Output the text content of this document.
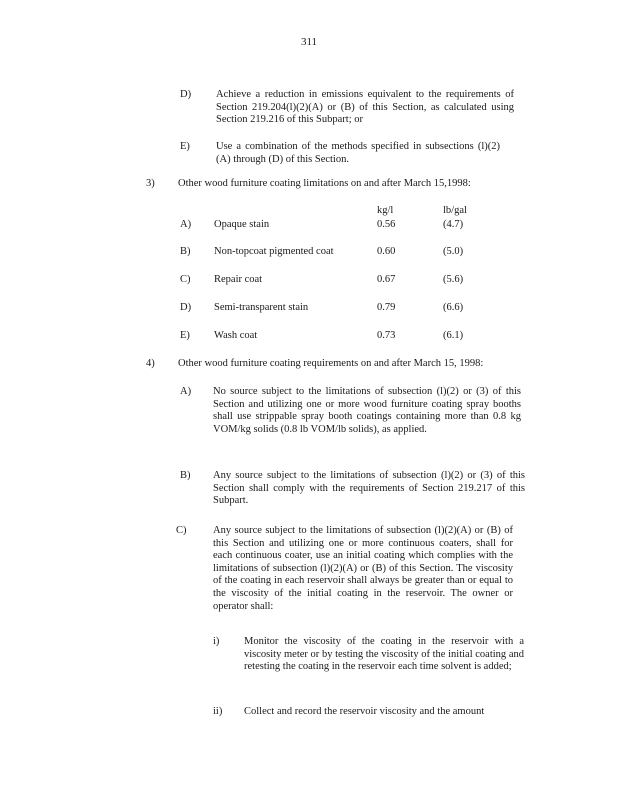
311
D) Achieve a reduction in emissions equivalent to the requirements of Section 219.204(l)(2)(A) or (B) of this Section, as calculated using Section 219.216 of this Subpart; or
E) Use a combination of the methods specified in subsections (l)(2)(A) through (D) of this Section.
3) Other wood furniture coating limitations on and after March 15,1998:
kg/l	lb/gal
A) Opaque stain	0.56	(4.7)
B) Non-topcoat pigmented coat	0.60	(5.0)
C) Repair coat	0.67	(5.6)
D) Semi-transparent stain	0.79	(6.6)
E) Wash coat	0.73	(6.1)
4) Other wood furniture coating requirements on and after March 15, 1998:
A) No source subject to the limitations of subsection (l)(2) or (3) of this Section and utilizing one or more wood furniture coating spray booths shall use strippable spray booth coatings containing more than 0.8 kg VOM/kg solids (0.8 lb VOM/lb solids), as applied.
B) Any source subject to the limitations of subsection (l)(2) or (3) of this Section shall comply with the requirements of Section 219.217 of this Subpart.
C)	Any source subject to the limitations of subsection (l)(2)(A) or (B) of this Section and utilizing one or more continuous coaters, shall for each continuous coater, use an initial coating which complies with the limitations of subsection (l)(2)(A) or (B) of this Section. The viscosity of the coating in each reservoir shall always be greater than or equal to the viscosity of the initial coating in the reservoir. The owner or operator shall:
i) Monitor the viscosity of the coating in the reservoir with a viscosity meter or by testing the viscosity of the initial coating and retesting the coating in the reservoir each time solvent is added;
ii) Collect and record the reservoir viscosity and the amount
